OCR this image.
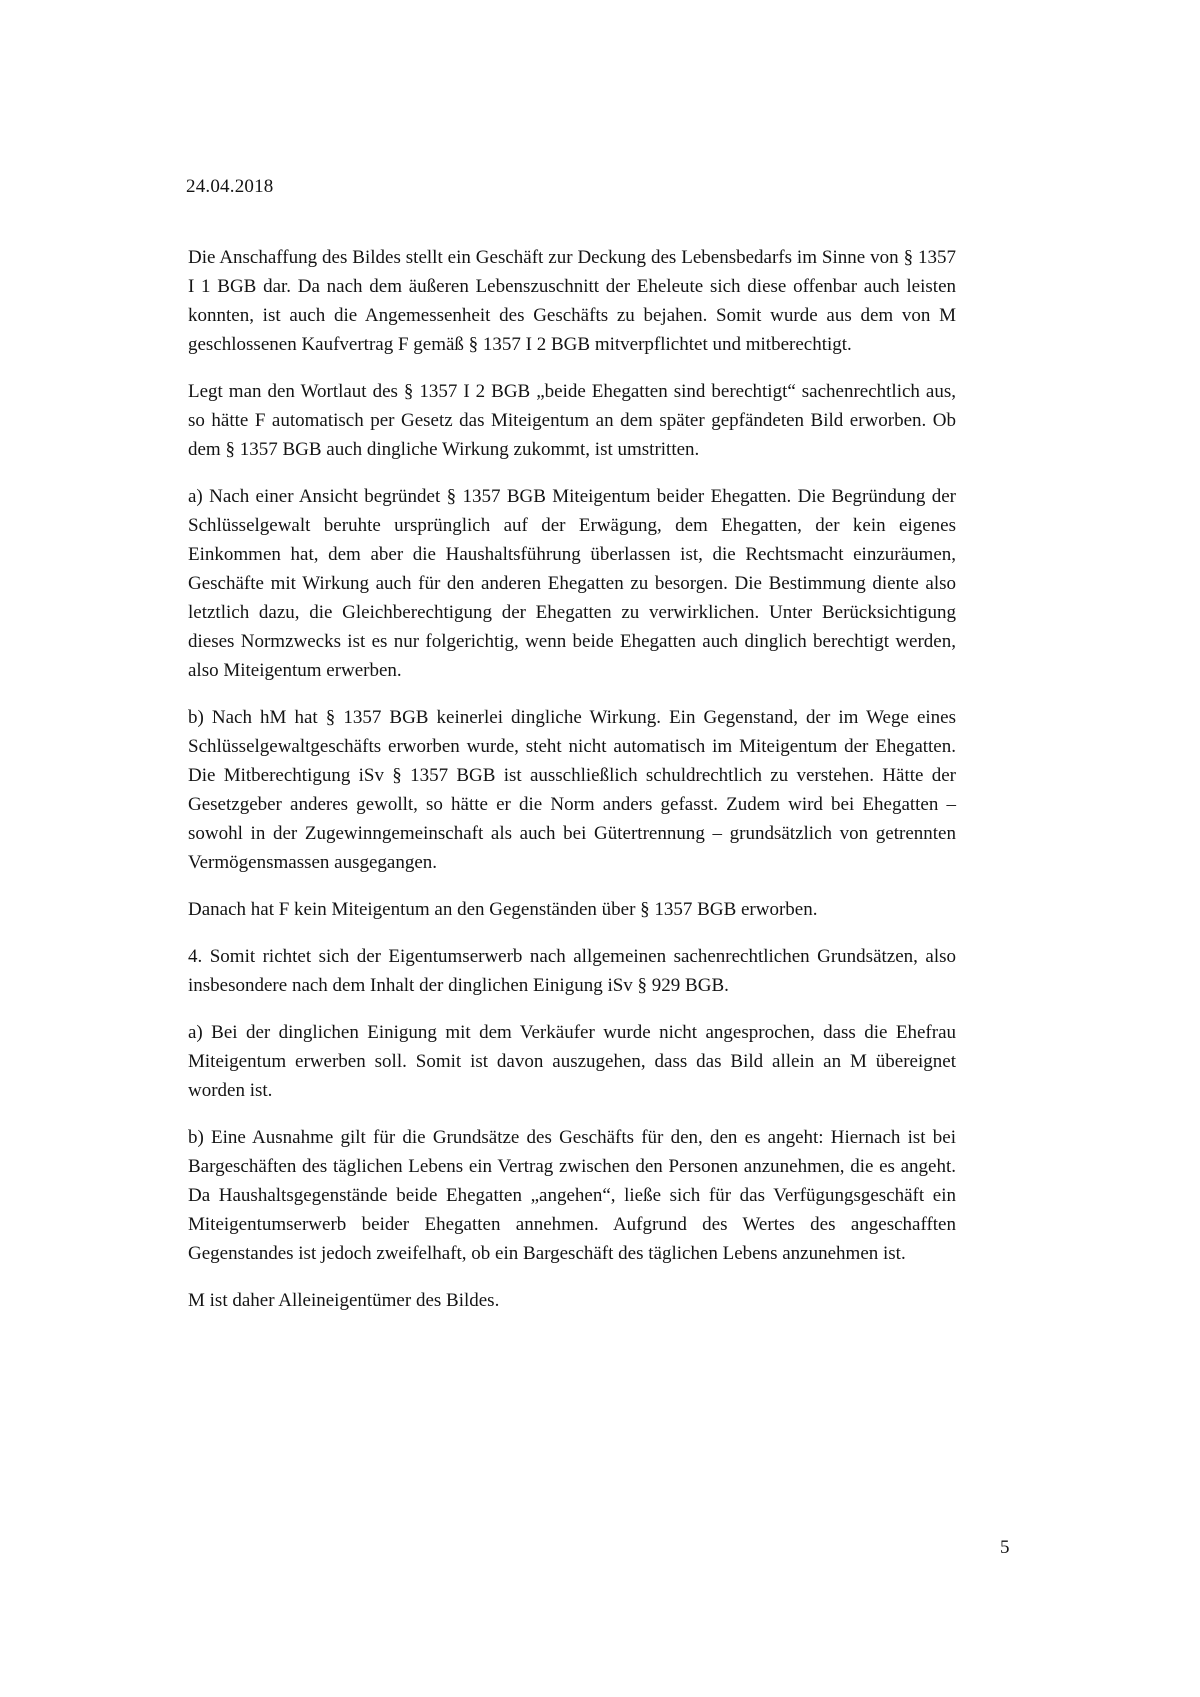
24.04.2018

Die Anschaffung des Bildes stellt ein Geschäft zur Deckung des Lebensbedarfs im Sinne von § 1357 I 1 BGB dar. Da nach dem äußeren Lebenszuschnitt der Eheleute sich diese offenbar auch leisten konnten, ist auch die Angemessenheit des Geschäfts zu bejahen. Somit wurde aus dem von M geschlossenen Kaufvertrag F gemäß § 1357 I 2 BGB mitverpflichtet und mitberechtigt.

Legt man den Wortlaut des § 1357 I 2 BGB „beide Ehegatten sind berechtigt“ sachenrechtlich aus, so hätte F automatisch per Gesetz das Miteigentum an dem später gepfändeten Bild erworben. Ob dem § 1357 BGB auch dingliche Wirkung zukommt, ist umstritten.

a) Nach einer Ansicht begründet § 1357 BGB Miteigentum beider Ehegatten. Die Begründung der Schlüsselgewalt beruhte ursprünglich auf der Erwägung, dem Ehegatten, der kein eigenes Einkommen hat, dem aber die Haushaltsführung überlassen ist, die Rechtsmacht einzuräumen, Geschäfte mit Wirkung auch für den anderen Ehegatten zu besorgen. Die Bestimmung diente also letztlich dazu, die Gleichberechtigung der Ehegatten zu verwirklichen. Unter Berücksichtigung dieses Normzwecks ist es nur folgerichtig, wenn beide Ehegatten auch dinglich berechtigt werden, also Miteigentum erwerben.

b) Nach hM hat § 1357 BGB keinerlei dingliche Wirkung. Ein Gegenstand, der im Wege eines Schlüsselgewaltgeschäfts erworben wurde, steht nicht automatisch im Miteigentum der Ehegatten. Die Mitberechtigung iSv § 1357 BGB ist ausschließlich schuldrechtlich zu verstehen. Hätte der Gesetzgeber anderes gewollt, so hätte er die Norm anders gefasst. Zudem wird bei Ehegatten – sowohl in der Zugewinngemeinschaft als auch bei Gütertrennung – grundsätzlich von getrennten Vermögensmassen ausgegangen.

Danach hat F kein Miteigentum an den Gegenständen über § 1357 BGB erworben.

4. Somit richtet sich der Eigentumserwerb nach allgemeinen sachenrechtlichen Grundsätzen, also insbesondere nach dem Inhalt der dinglichen Einigung iSv § 929 BGB.

a) Bei der dinglichen Einigung mit dem Verkäufer wurde nicht angesprochen, dass die Ehefrau Miteigentum erwerben soll. Somit ist davon auszugehen, dass das Bild allein an M übereignet worden ist.

b) Eine Ausnahme gilt für die Grundsätze des Geschäfts für den, den es angeht: Hiernach ist bei Bargeschäften des täglichen Lebens ein Vertrag zwischen den Personen anzunehmen, die es angeht. Da Haushaltsgegenstände beide Ehegatten „angehen“, ließe sich für das Verfügungsgeschäft ein Miteigentumserwerb beider Ehegatten annehmen. Aufgrund des Wertes des angeschafften Gegenstandes ist jedoch zweifelhaft, ob ein Bargeschäft des täglichen Lebens anzunehmen ist.

M ist daher Alleineigentümer des Bildes.

5
